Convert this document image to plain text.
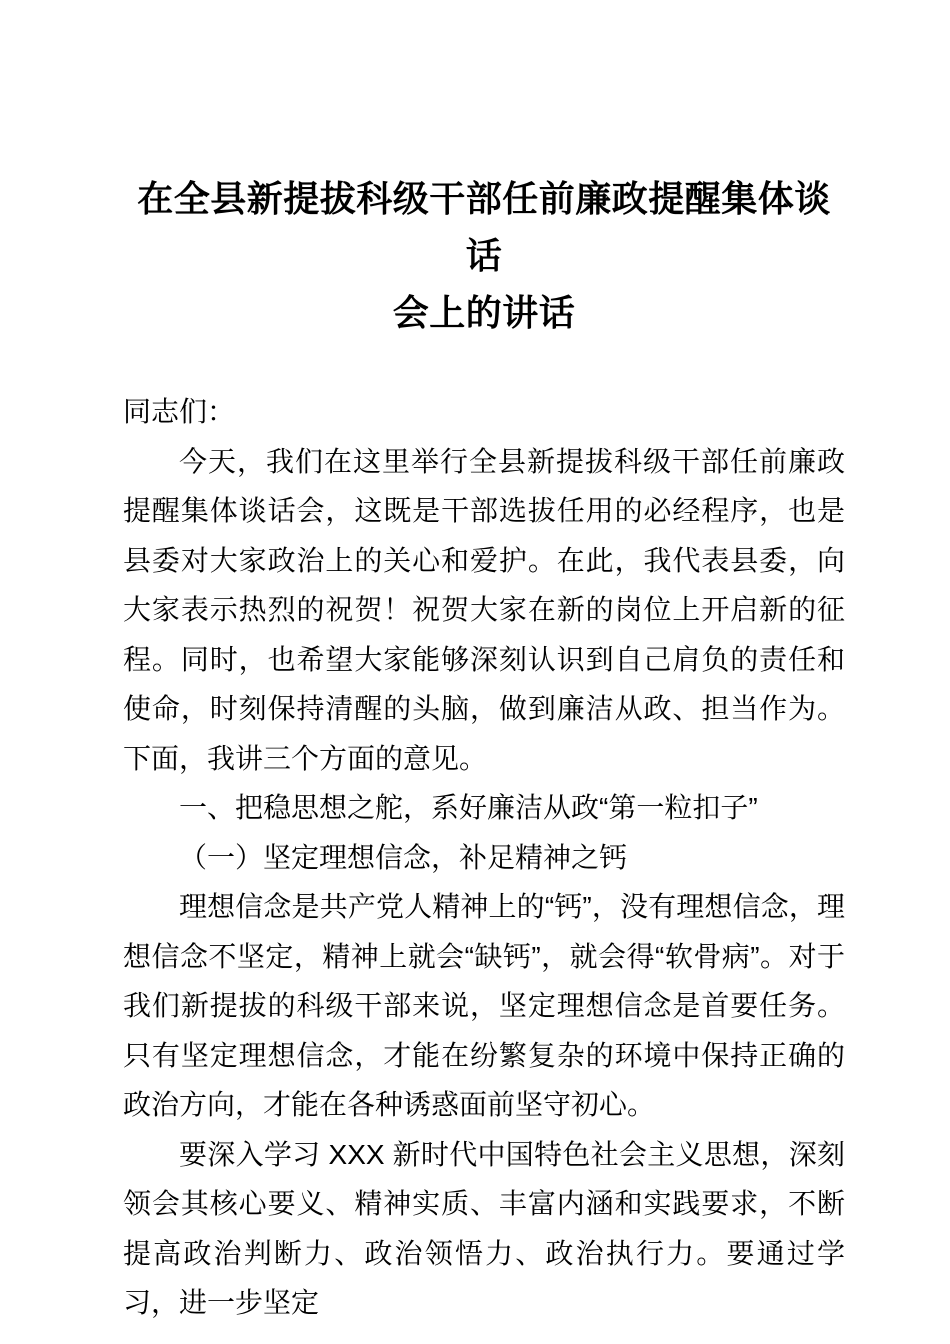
在全县新提拔科级干部任前廉政提醒集体谈话
会上的讲话

同志们：

今天，我们在这里举行全县新提拔科级干部任前廉政提醒集体谈话会，这既是干部选拔任用的必经程序，也是县委对大家政治上的关心和爱护。在此，我代表县委，向大家表示热烈的祝贺！祝贺大家在新的岗位上开启新的征程。同时，也希望大家能够深刻认识到自己肩负的责任和使命，时刻保持清醒的头脑，做到廉洁从政、担当作为。下面，我讲三个方面的意见。

一、把稳思想之舵，系好廉洁从政“第一粒扣子”

（一）坚定理想信念，补足精神之钙

理想信念是共产党人精神上的“钙”，没有理想信念，理想信念不坚定，精神上就会“缺钙”，就会得“软骨病”。对于我们新提拔的科级干部来说，坚定理想信念是首要任务。只有坚定理想信念，才能在纷繁复杂的环境中保持正确的政治方向，才能在各种诱惑面前坚守初心。

要深入学习 XXX 新时代中国特色社会主义思想，深刻领会其核心要义、精神实质、丰富内涵和实践要求，不断提高政治判断力、政治领悟力、政治执行力。要通过学习，进一步坚定
